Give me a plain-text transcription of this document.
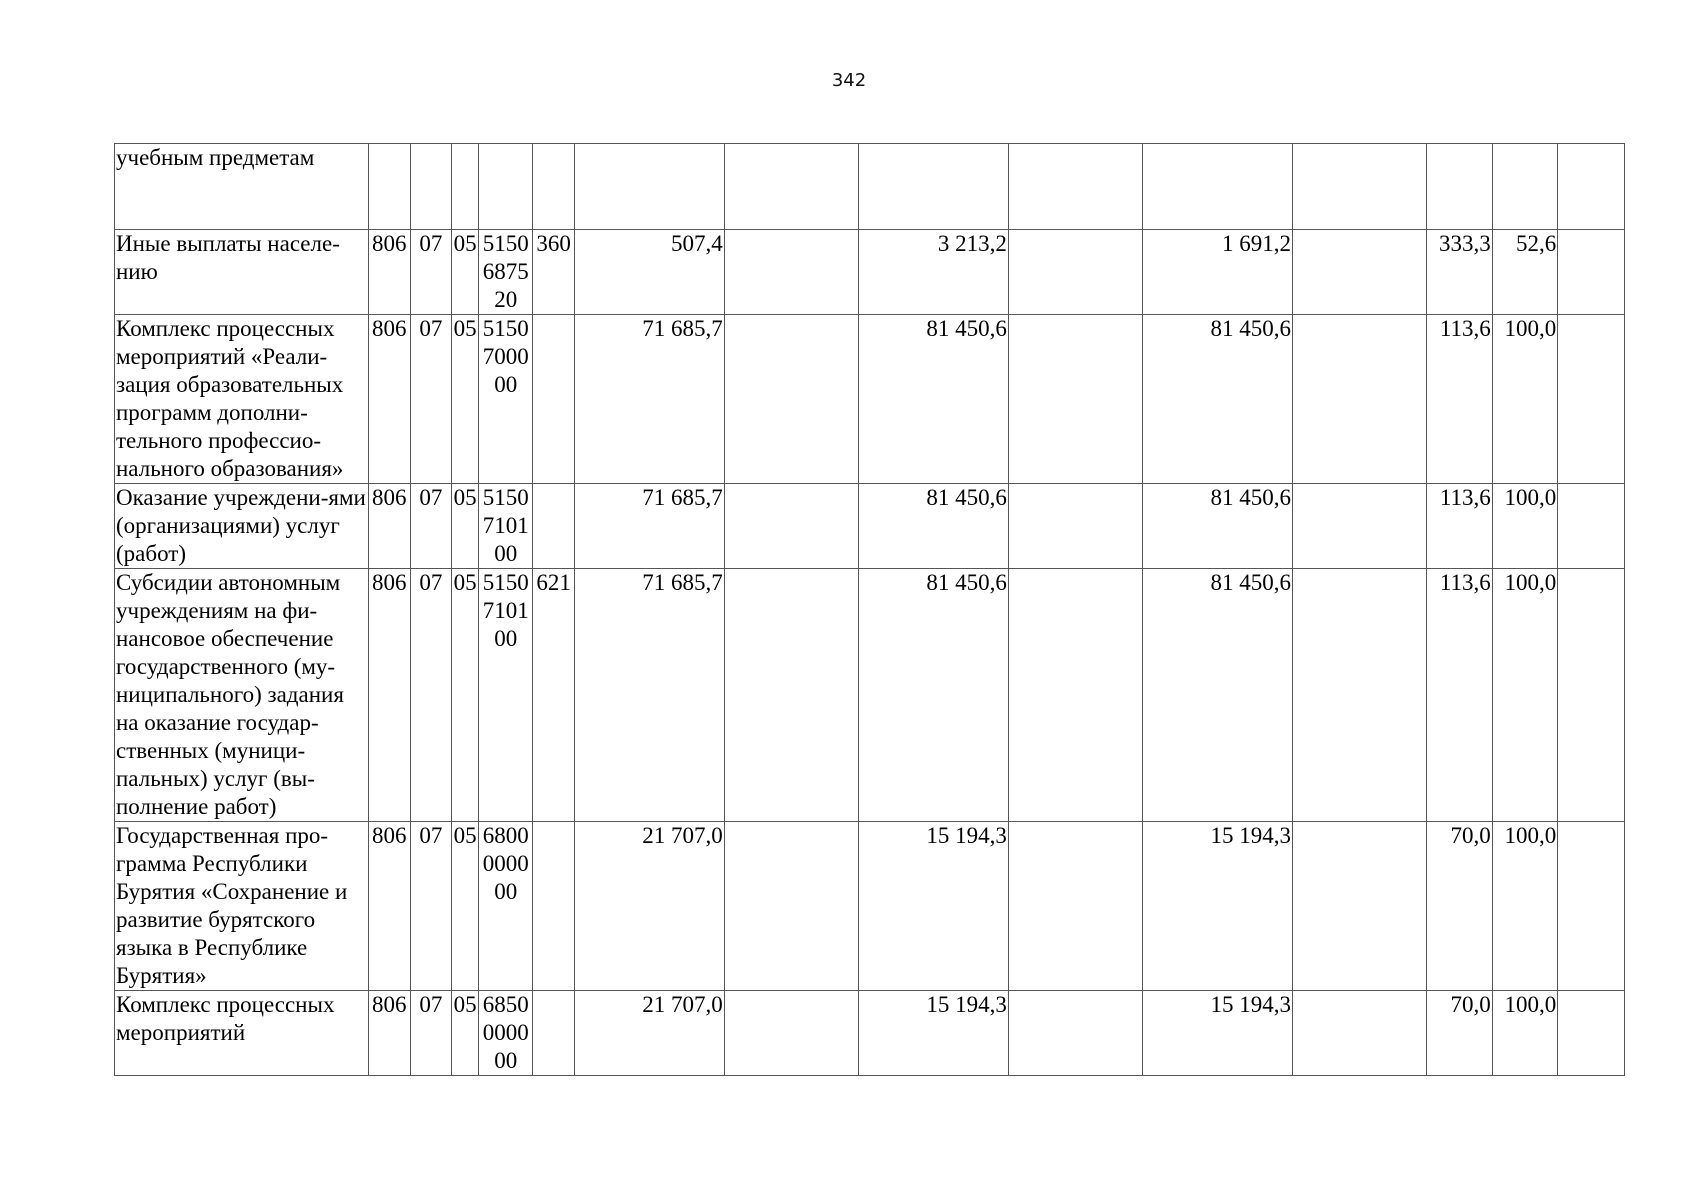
342
учебным предметам														
Иные выплаты населе-нию	806	07	05	5150687520	360	507,4		3 213,2		1 691,2		333,3	52,6	
Комплекс процессных мероприятий «Реали-зация образовательных программ дополни-тельного профессио-нального образования»	806	07	05	5150700000		71 685,7		81 450,6		81 450,6		113,6	100,0	
Оказание учреждени-ями (организациями) услуг (работ)	806	07	05	5150710100		71 685,7		81 450,6		81 450,6		113,6	100,0	
Субсидии автономным учреждениям на фи-нансовое обеспечение государственного (му-ниципального) задания на оказание государ-ственных (муници-пальных) услуг (вы-полнение работ)	806	07	05	5150710100	621	71 685,7		81 450,6		81 450,6		113,6	100,0	
Государственная про-грамма Республики Бурятия «Сохранение и развитие бурятского языка в Республике Бурятия»	806	07	05	6800000000		21 707,0		15 194,3		15 194,3		70,0	100,0	
Комплекс процессных мероприятий	806	07	05	6850000000		21 707,0		15 194,3		15 194,3		70,0	100,0	
